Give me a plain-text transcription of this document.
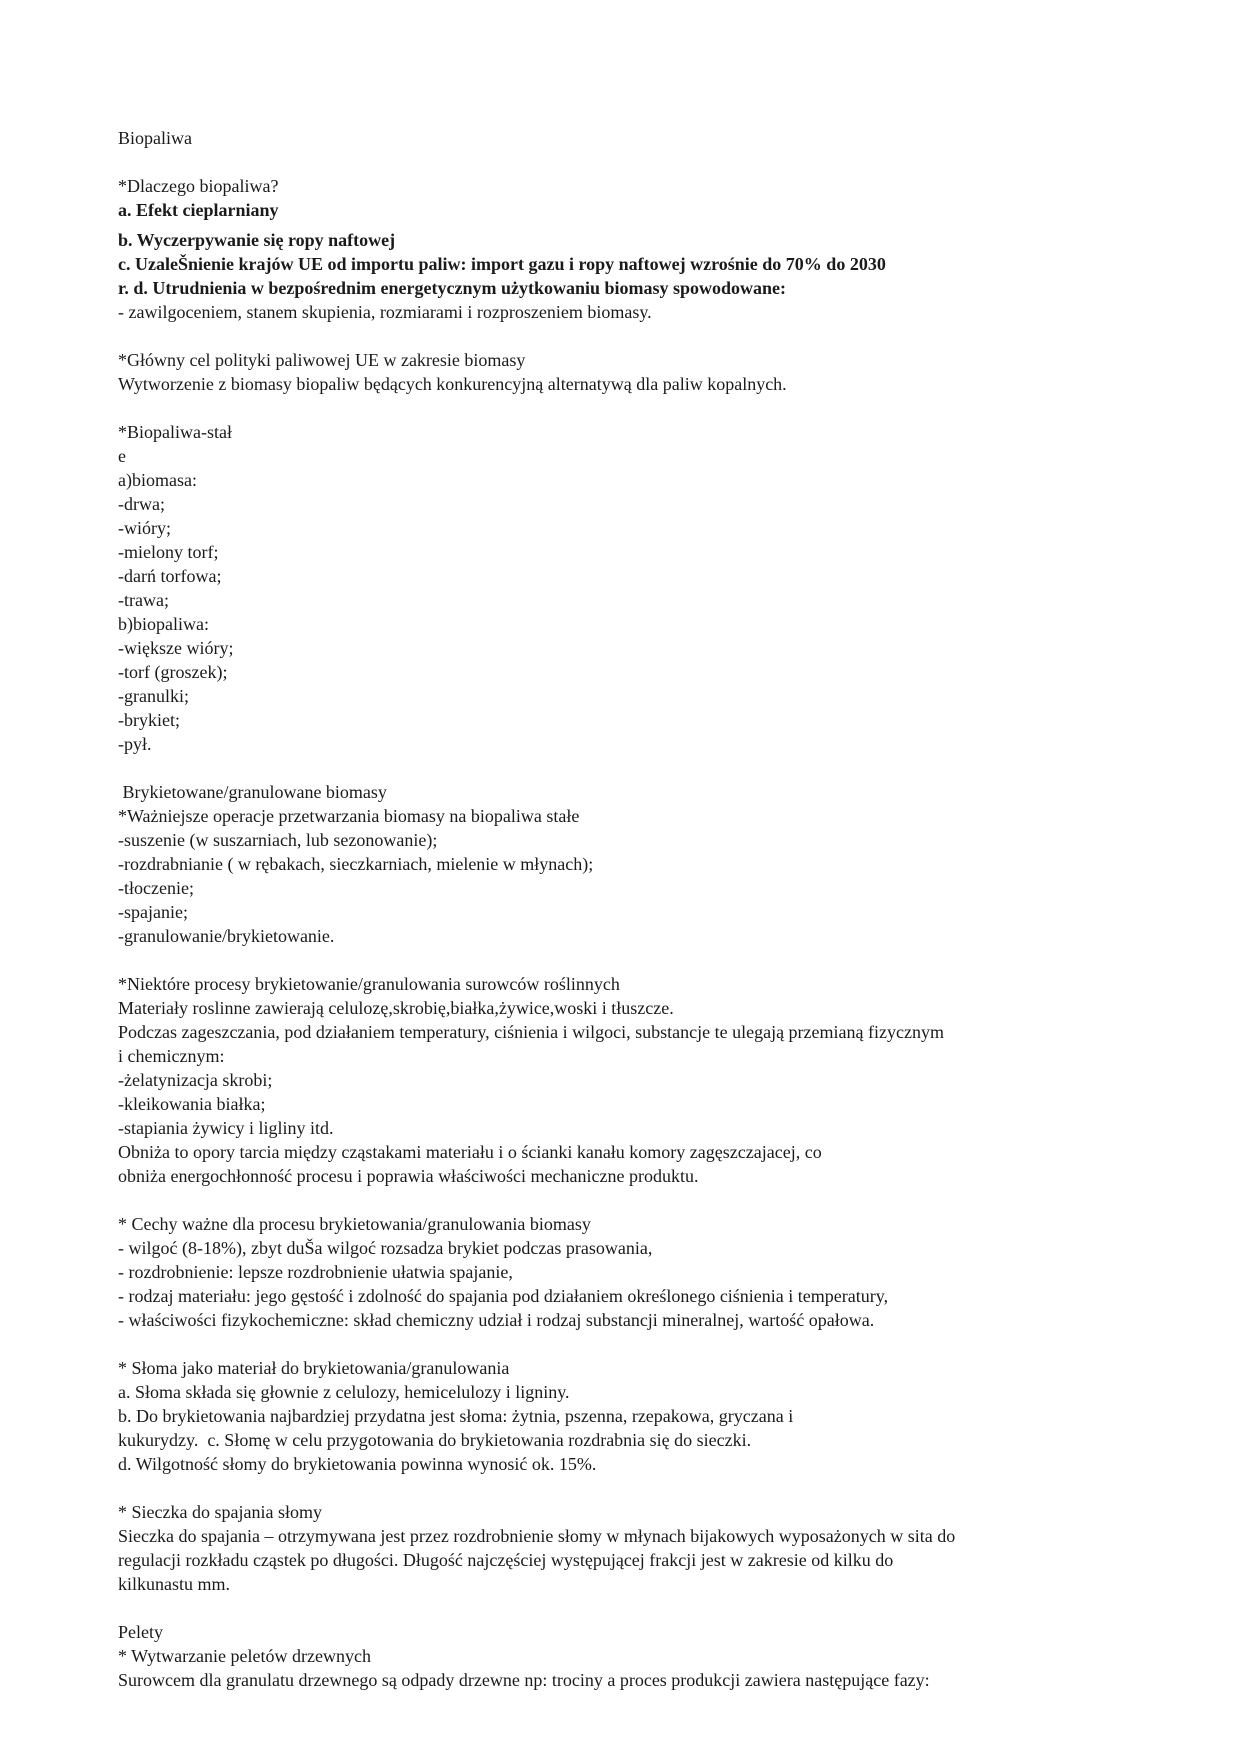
Biopaliwa
*Dlaczego biopaliwa?
a. Efekt cieplarniany
b. Wyczerpywanie się ropy naftowej
c. UzaleŠnienie krajów UE od importu paliw: import gazu i ropy naftowej wzrośnie do 70% do 2030
r. d. Utrudnienia w bezpośrednim energetycznym użytkowaniu biomasy spowodowane:
- zawilgoceniem, stanem skupienia, rozmiarami i rozproszeniem biomasy.
*Główny cel polityki paliwowej UE w zakresie biomasy
Wytworzenie z biomasy biopaliw będących konkurencyjną alternatywą dla paliw kopalnych.
*Biopaliwa-stał
e
a)biomasa:
-drwa;
-wióry;
-mielony torf;
-darń torfowa;
-trawa;
b)biopaliwa:
-większe wióry;
-torf (groszek);
-granulki;
-brykiet;
-pył.
Brykietowane/granulowane biomasy
*Ważniejsze operacje przetwarzania biomasy na biopaliwa stałe
-suszenie (w suszarniach, lub sezonowanie);
-rozdrabnianie ( w rębakach, sieczkarniach, mielenie w młynach);
-tłoczenie;
-spajanie;
-granulowanie/brykietowanie.
*Niektóre procesy brykietowanie/granulowania surowców roślinnych
Materiały roslinne zawierają celulozę,skrobię,białka,żywice,woski i tłuszcze.
Podczas zageszczania, pod działaniem temperatury, ciśnienia i wilgoci, substancje te ulegają przemianą fizycznym
i chemicznym:
-żelatynizacja skrobi;
-kleikowania białka;
-stapiania żywicy i ligliny itd.
Obniża to opory tarcia między cząstakami materiału i o ścianki kanału komory zagęszczajacej, co
obniża energochłonność procesu i poprawia właściwości mechaniczne produktu.
* Cechy ważne dla procesu brykietowania/granulowania biomasy
- wilgoć (8-18%), zbyt duŠa wilgoć rozsadza brykiet podczas prasowania,
- rozdrobnienie: lepsze rozdrobnienie ułatwia spajanie,
- rodzaj materiału: jego gęstość i zdolność do spajania pod działaniem określonego ciśnienia i temperatury,
- właściwości fizykochemiczne: skład chemiczny udział i rodzaj substancji mineralnej, wartość opałowa.
* Słoma jako materiał do brykietowania/granulowania
a. Słoma składa się głownie z celulozy, hemicelulozy i ligniny.
b. Do brykietowania najbardziej przydatna jest słoma: żytnia, pszenna, rzepakowa, gryczana i
kukurydzy.  c. Słomę w celu przygotowania do brykietowania rozdrabnia się do sieczki.
d. Wilgotność słomy do brykietowania powinna wynosić ok. 15%.
* Sieczka do spajania słomy
Sieczka do spajania – otrzymywana jest przez rozdrobnienie słomy w młynach bijakowych wyposażonych w sita do
regulacji rozkładu cząstek po długości. Długość najczęściej występującej frakcji jest w zakresie od kilku do
kilkunastu mm.
Pelety
* Wytwarzanie peletów drzewnych
Surowcem dla granulatu drzewnego są odpady drzewne np: trociny a proces produkcji zawiera następujące fazy:
